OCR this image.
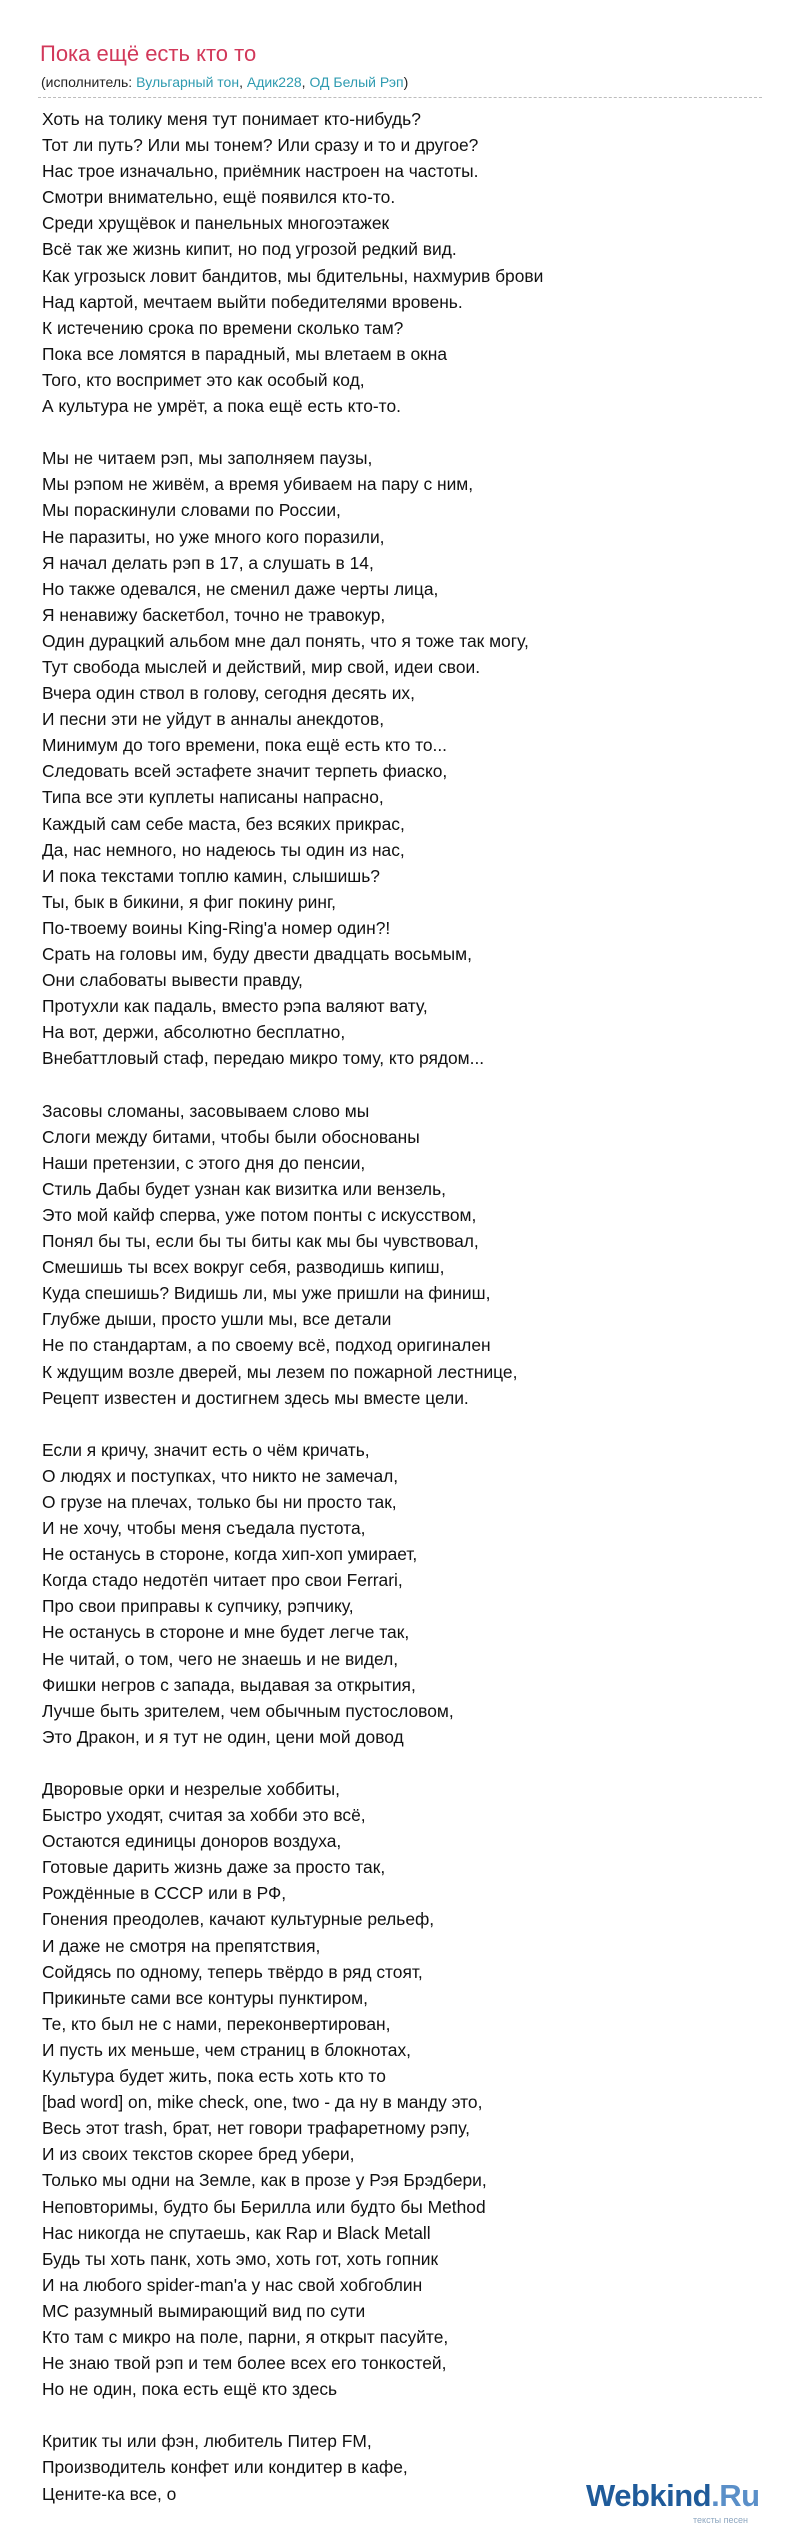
Пока ещё есть кто то
(исполнитель: Вульгарный тон, Адик228, ОД Белый Рэп)
Хоть на толику меня тут понимает кто-нибудь?
Тот ли путь? Или мы тонем? Или сразу и то и другое?
Нас трое изначально, приёмник настроен на частоты.
Смотри внимательно, ещё появился кто-то.
Среди хрущёвок и панельных многоэтажек
Всё так же жизнь кипит, но под угрозой редкий вид.
Как угрозыск ловит бандитов, мы бдительны, нахмурив брови
Над картой, мечтаем выйти победителями вровень.
К истечению срока по времени сколько там?
Пока все ломятся в парадный, мы влетаем в окна
Того, кто воспримет это как особый код,
А культура не умрёт, а пока ещё есть кто-то.
Мы не читаем рэп, мы заполняем паузы,
Мы рэпом не живём, а время убиваем на пару с ним,
Мы пораскинули словами по России,
Не паразиты, но уже много кого поразили,
Я начал делать рэп в 17, а слушать в 14,
Но также одевался, не сменил даже черты лица,
Я ненавижу баскетбол, точно не травокур,
Один дурацкий альбом мне дал понять, что я тоже так могу,
Тут свобода мыслей и действий, мир свой, идеи свои.
Вчера один ствол в голову, сегодня десять их,
И песни эти не уйдут в анналы анекдотов,
Минимум до того времени, пока ещё есть кто то...
Следовать всей эстафете значит терпеть фиаско,
Типа все эти куплеты написаны напрасно,
Каждый сам себе маста, без всяких прикрас,
Да, нас немного, но надеюсь ты один из нас,
И пока текстами топлю камин, слышишь?
Ты, бык в бикини, я фиг покину ринг,
По-твоему воины King-Ring'a номер один?!
Срать на головы им, буду двести двадцать восьмым,
Они слабоваты вывести правду,
Протухли как падаль, вместо рэпа валяют вату,
На вот, держи, абсолютно бесплатно,
Внебаттловый стаф, передаю микро тому, кто рядом...
Засовы сломаны, засовываем слово мы
Слоги между битами, чтобы были обоснованы
Наши претензии, с этого дня до пенсии,
Стиль Дабы будет узнан как визитка или вензель,
Это мой кайф сперва, уже потом понты с искусством,
Понял бы ты, если бы ты биты как мы бы чувствовал,
Смешишь ты всех вокруг себя, разводишь кипиш,
Куда спешишь? Видишь ли, мы уже пришли на финиш,
Глубже дыши, просто ушли мы, все детали
Не по стандартам, а по своему всё, подход оригинален
К ждущим возле дверей, мы лезем по пожарной лестнице,
Рецепт известен и достигнем здесь мы вместе цели.
Если я кричу, значит есть о чём кричать,
О людях и поступках, что никто не замечал,
О грузе на плечах, только бы ни просто так,
И не хочу, чтобы меня съедала пустота,
Не останусь в стороне, когда хип-хоп умирает,
Когда стадо недотёп читает про свои Ferrari,
Про свои приправы к супчику, рэпчику,
Не останусь в стороне и мне будет легче так,
Не читай, о том, чего не знаешь и не видел,
Фишки негров с запада, выдавая за открытия,
Лучше быть зрителем, чем обычным пустословом,
Это Дракон, и я тут не один, цени мой довод
Дворовые орки и незрелые хоббиты,
Быстро уходят, считая за хобби это всё,
Остаются единицы доноров воздуха,
Готовые дарить жизнь даже за просто так,
Рождённые в СССР или в РФ,
Гонения преодолев, качают культурные рельеф,
И даже не смотря на препятствия,
Сойдясь по одному, теперь твёрдо в ряд стоят,
Прикиньте сами все контуры пунктиром,
Те, кто был не с нами, переконвертирован,
И пусть их меньше, чем страниц в блокнотах,
Культура будет жить, пока есть хоть кто то
[bad word] on, mike check, one, two - да ну в манду это,
Весь этот trash, брат, нет говори трафаретному рэпу,
И из своих текстов скорее бред убери,
Только мы одни на Земле, как в прозе у Рэя Брэдбери,
Неповторимы, будто бы Берилла или будто бы Method
Нас никогда не спутаешь, как Rap и Black Metall
Будь ты хоть панк, хоть эмо, хоть гот, хоть гопник
И на любого spider-man'a у нас свой хобгоблин
MC разумный вымирающий вид по сути
Кто там с микро на поле, парни, я открыт пасуйте,
Не знаю твой рэп и тем более всех его тонкостей,
Но не один, пока есть ещё кто здесь
Критик ты или фэн, любитель Питер FM,
Производитель конфет или кондитер в кафе,
Цените-ка все, о	Webkind.Ru
тексты песен
